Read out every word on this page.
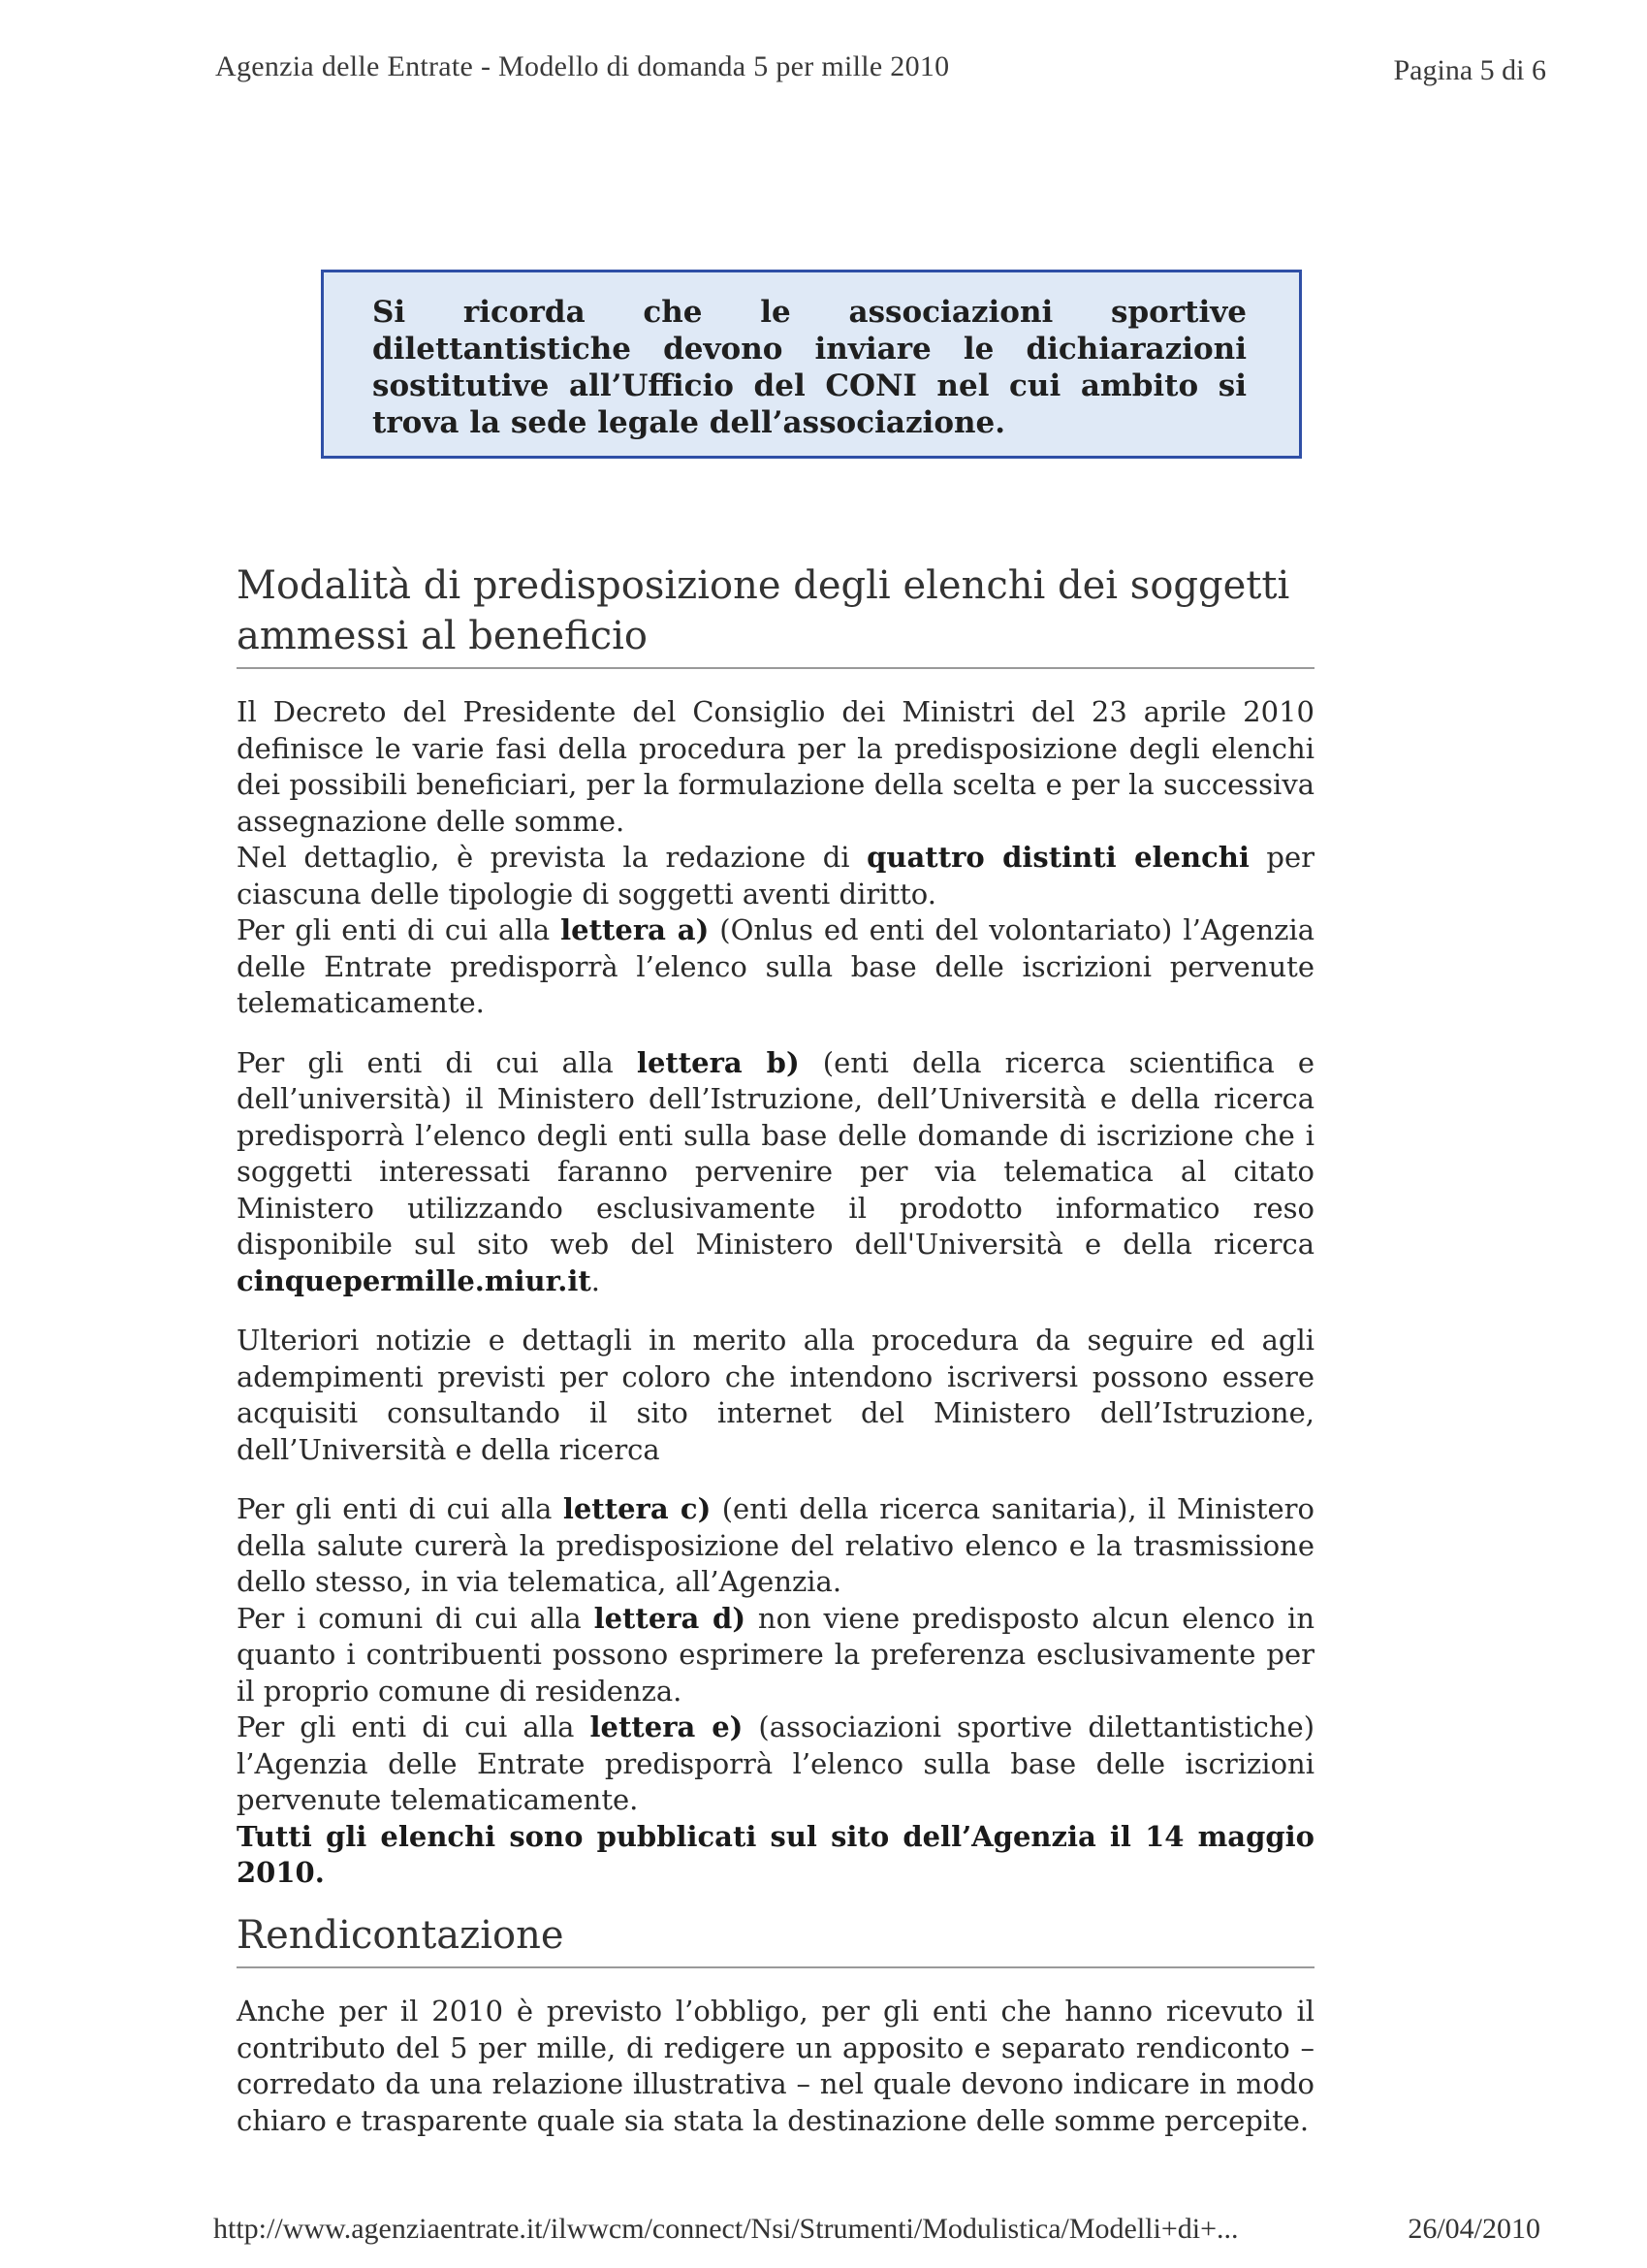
Agenzia delle Entrate - Modello di domanda 5 per mille 2010	Pagina 5 di 6

Si ricorda che le associazioni sportive dilettantistiche devono inviare le dichiarazioni sostitutive all’Ufficio del CONI nel cui ambito si trova la sede legale dell’associazione.

Modalità di predisposizione degli elenchi dei soggetti ammessi al beneficio

Il Decreto del Presidente del Consiglio dei Ministri del 23 aprile 2010 definisce le varie fasi della procedura per la predisposizione degli elenchi dei possibili beneficiari, per la formulazione della scelta e per la successiva assegnazione delle somme.

Nel dettaglio, è prevista la redazione di quattro distinti elenchi per ciascuna delle tipologie di soggetti aventi diritto.

Per gli enti di cui alla lettera a) (Onlus ed enti del volontariato) l’Agenzia delle Entrate predisporrà l’elenco sulla base delle iscrizioni pervenute telematicamente.

Per gli enti di cui alla lettera b) (enti della ricerca scientifica e dell’università) il Ministero dell’Istruzione, dell’Università e della ricerca predisporrà l’elenco degli enti sulla base delle domande di iscrizione che i soggetti interessati faranno pervenire per via telematica al citato Ministero utilizzando esclusivamente il prodotto informatico reso disponibile sul sito web del Ministero dell'Università e della ricerca cinquepermille.miur.it.

Ulteriori notizie e dettagli in merito alla procedura da seguire ed agli adempimenti previsti per coloro che intendono iscriversi possono essere acquisiti consultando il sito internet del Ministero dell’Istruzione, dell’Università e della ricerca

Per gli enti di cui alla lettera c) (enti della ricerca sanitaria), il Ministero della salute curerà la predisposizione del relativo elenco e la trasmissione dello stesso, in via telematica, all’Agenzia.

Per i comuni di cui alla lettera d) non viene predisposto alcun elenco in quanto i contribuenti possono esprimere la preferenza esclusivamente per il proprio comune di residenza.

Per gli enti di cui alla lettera e) (associazioni sportive dilettantistiche) l’Agenzia delle Entrate predisporrà l’elenco sulla base delle iscrizioni pervenute telematicamente.

Tutti gli elenchi sono pubblicati sul sito dell’Agenzia il 14 maggio 2010.

Rendicontazione

Anche per il 2010 è previsto l’obbligo, per gli enti che hanno ricevuto il contributo del 5 per mille, di redigere un apposito e separato rendiconto – corredato da una relazione illustrativa – nel quale devono indicare in modo chiaro e trasparente quale sia stata la destinazione delle somme percepite.

http://www.agenziaentrate.it/ilwwcm/connect/Nsi/Strumenti/Modulistica/Modelli+di+...	26/04/2010
